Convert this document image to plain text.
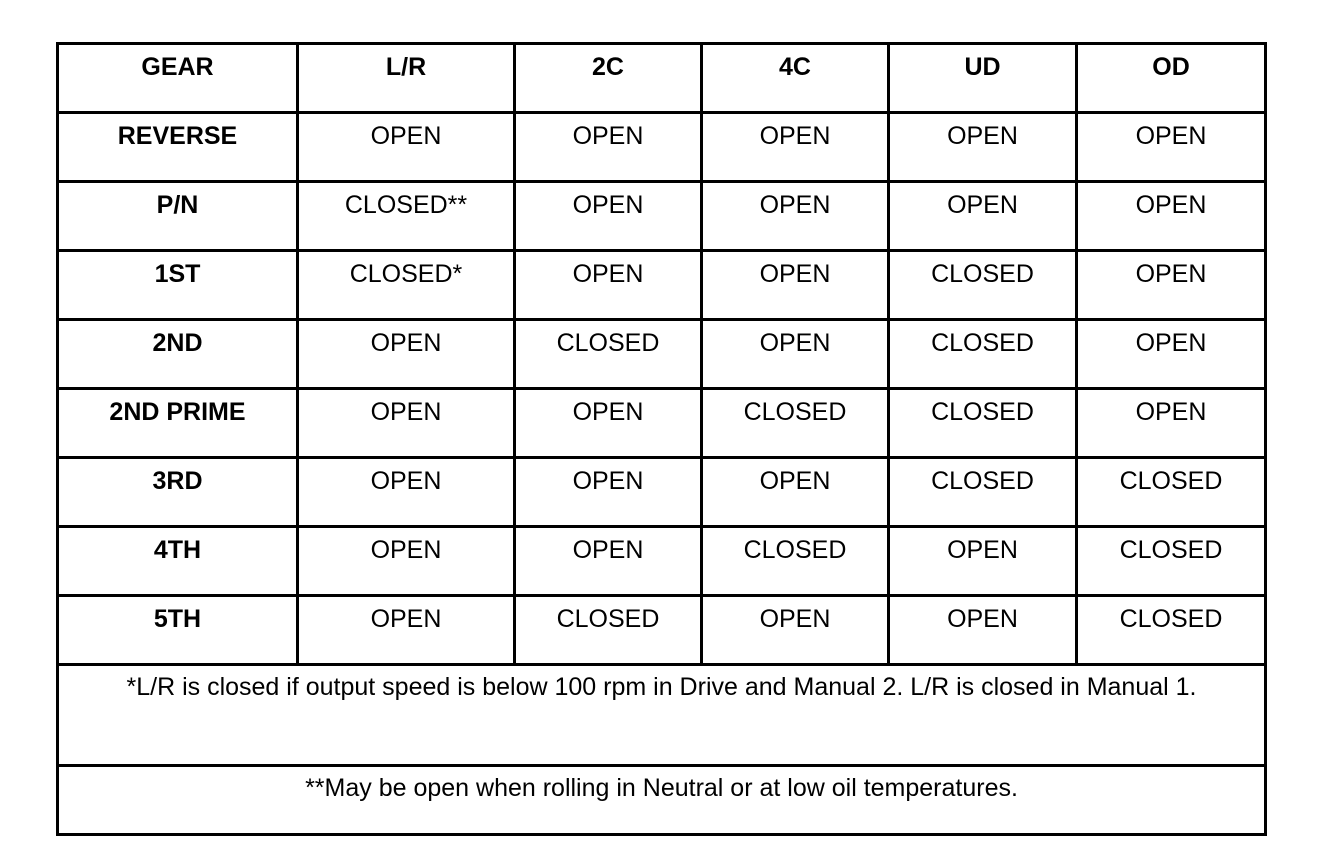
GEAR	L/R	2C	4C	UD	OD
REVERSE	OPEN	OPEN	OPEN	OPEN	OPEN
P/N	CLOSED**	OPEN	OPEN	OPEN	OPEN
1ST	CLOSED*	OPEN	OPEN	CLOSED	OPEN
2ND	OPEN	CLOSED	OPEN	CLOSED	OPEN
2ND PRIME	OPEN	OPEN	CLOSED	CLOSED	OPEN
3RD	OPEN	OPEN	OPEN	CLOSED	CLOSED
4TH	OPEN	OPEN	CLOSED	OPEN	CLOSED
5TH	OPEN	CLOSED	OPEN	OPEN	CLOSED
*L/R is closed if output speed is below 100 rpm in Drive and Manual 2. L/R is closed in Manual 1.					
**May be open when rolling in Neutral or at low oil temperatures.					
